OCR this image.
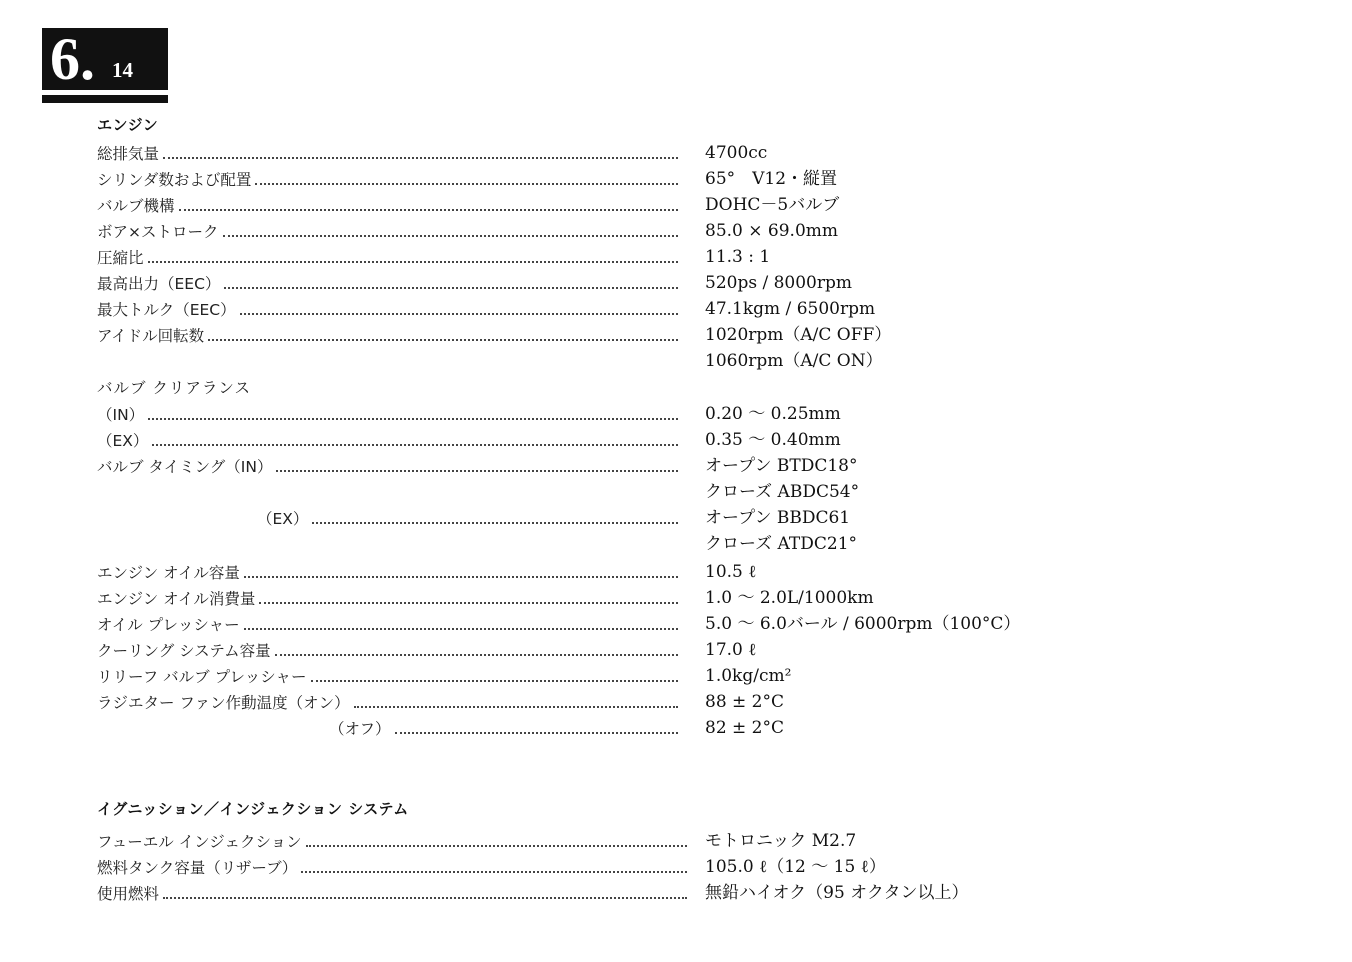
6. 14
エンジン
総排気量	4700cc
シリンダ数および配置	65°　V12・縦置
バルブ機構	DOHC－5バルブ
ボア×ストローク	85.0 × 69.0mm
圧縮比	11.3 : 1
最高出力（EEC）	520ps / 8000rpm
最大トルク（EEC）	47.1kgm / 6500rpm
アイドル回転数	1020rpm（A/C OFF）
1060rpm（A/C ON）
バルブ クリアランス
（IN）	0.20 ～ 0.25mm
（EX）	0.35 ～ 0.40mm
バルブ タイミング（IN）	オープン BTDC18°
クローズ ABDC54°
（EX）	オープン BBDC61
クローズ ATDC21°
エンジン オイル容量	10.5 ℓ
エンジン オイル消費量	1.0 ～ 2.0L/1000km
オイル プレッシャー	5.0 ～ 6.0バール / 6000rpm（100°C）
クーリング システム容量	17.0 ℓ
リリーフ バルブ プレッシャー	1.0kg/cm²
ラジエター ファン作動温度（オン）	88 ± 2°C
（オフ）	82 ± 2°C
イグニッション／インジェクション システム
フューエル インジェクション	モトロニック M2.7
燃料タンク容量（リザーブ）	105.0 ℓ（12 ～ 15 ℓ）
使用燃料	無鉛ハイオク（95 オクタン以上）
